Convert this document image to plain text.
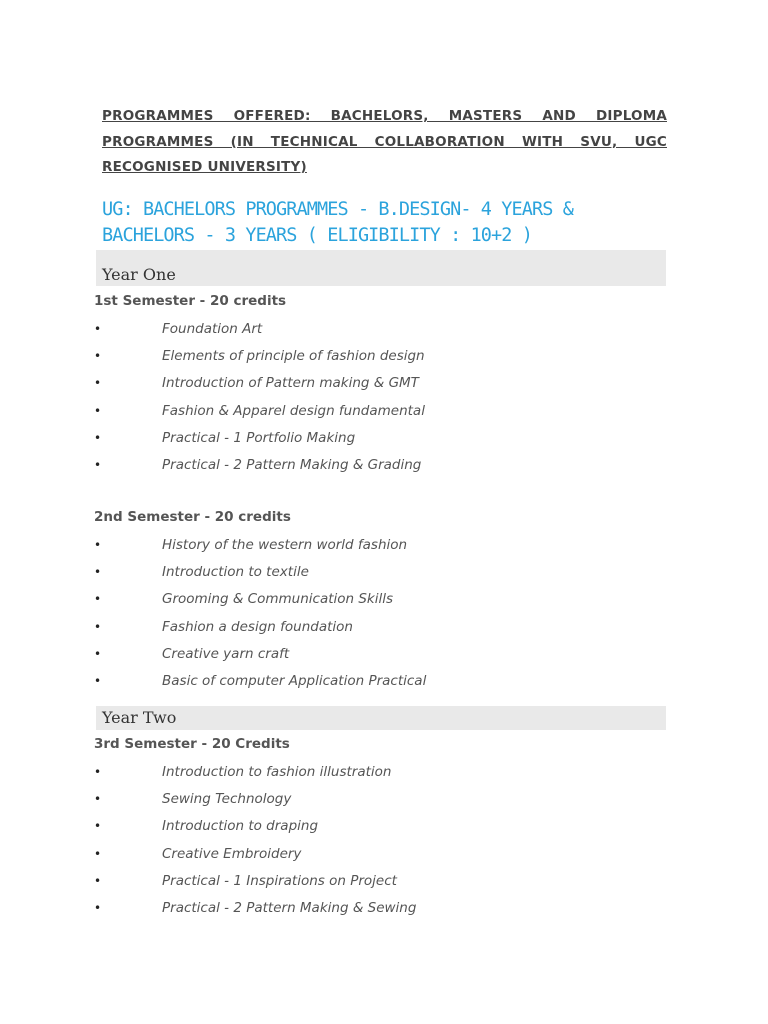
PROGRAMMES OFFERED: BACHELORS, MASTERS AND DIPLOMA PROGRAMMES (IN TECHNICAL COLLABORATION WITH SVU, UGC RECOGNISED UNIVERSITY)
UG: BACHELORS PROGRAMMES - B.DESIGN- 4 YEARS & BACHELORS - 3 YEARS ( ELIGIBILITY : 10+2 )
Year One
1st Semester - 20 credits
•	Foundation Art
•	Elements of principle of fashion design
•	Introduction of Pattern making & GMT
•	Fashion & Apparel design fundamental
•	Practical - 1 Portfolio Making
•	Practical - 2 Pattern Making & Grading
2nd Semester - 20 credits
•	History of the western world fashion
•	Introduction to textile
•	Grooming & Communication Skills
•	Fashion a design foundation
•	Creative yarn craft
•	Basic of computer Application Practical
Year Two
3rd Semester - 20 Credits
•	Introduction to fashion illustration
•	Sewing Technology
•	Introduction to draping
•	Creative Embroidery
•	Practical - 1 Inspirations on Project
•	Practical - 2 Pattern Making & Sewing
